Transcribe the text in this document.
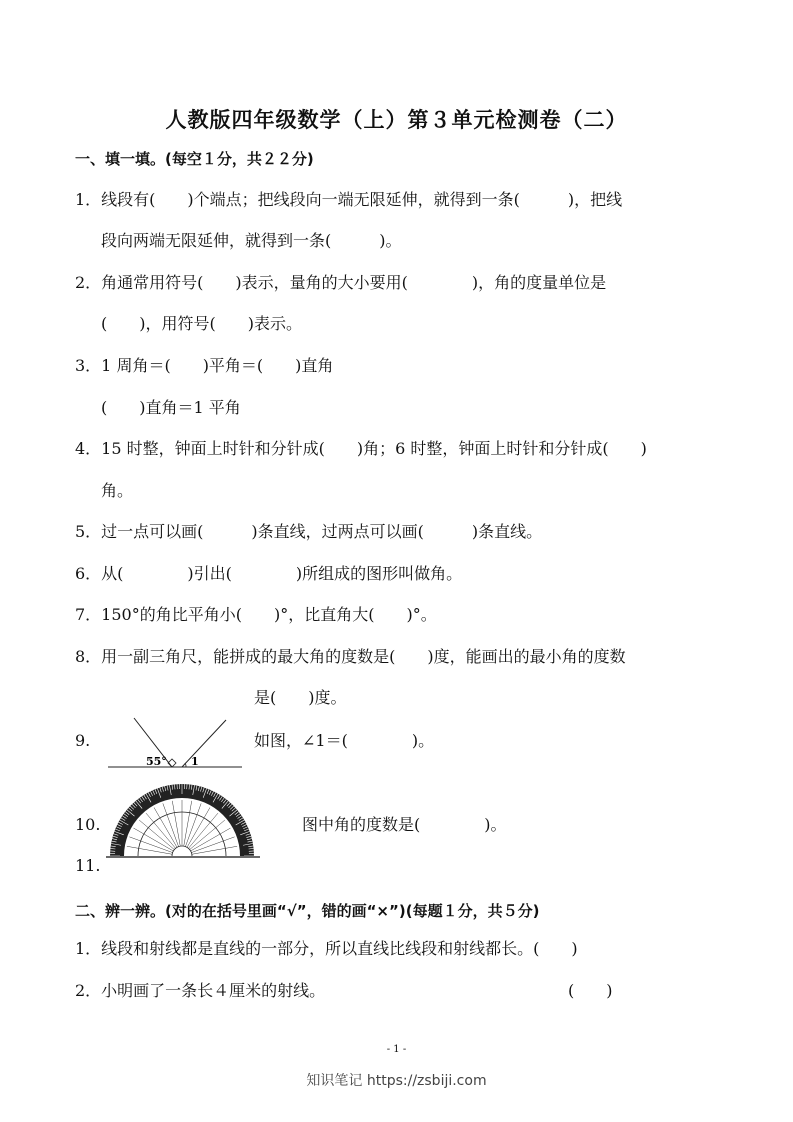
人教版四年级数学（上）第３单元检测卷（二）
一、填一填。(每空１分，共２２分)
1．线段有(　　)个端点；把线段向一端无限延伸，就得到一条(　　　)，把线
段向两端无限延伸，就得到一条(　　　)。
2．角通常用符号(　　)表示，量角的大小要用(　　　　)，角的度量单位是
(　　)，用符号(　　)表示。
3．1 周角＝(　　)平角＝(　　)直角
(　　)直角＝1 平角
4．15 时整，钟面上时针和分针成(　　)角；6 时整，钟面上时针和分针成(　　)
角。
5．过一点可以画(　　　)条直线，过两点可以画(　　　)条直线。
6．从(　　　　)引出(　　　　)所组成的图形叫做角。
7．150°的角比平角小(　　)°，比直角大(　　)°。
8．用一副三角尺，能拼成的最大角的度数是(　　)度，能画出的最小角的度数
是(　　)度。
9.
55° 1
如图，∠1＝(　　　　)。
10.	图中角的度数是(　　　　)。
11.
二、辨一辨。(对的在括号里画“√”，错的画“×”)(每题１分，共５分)
1．线段和射线都是直线的一部分，所以直线比线段和射线都长。(　　)
2．小明画了一条长４厘米的射线。	(　　)
- 1 -
知识笔记 https://zsbiji.com
